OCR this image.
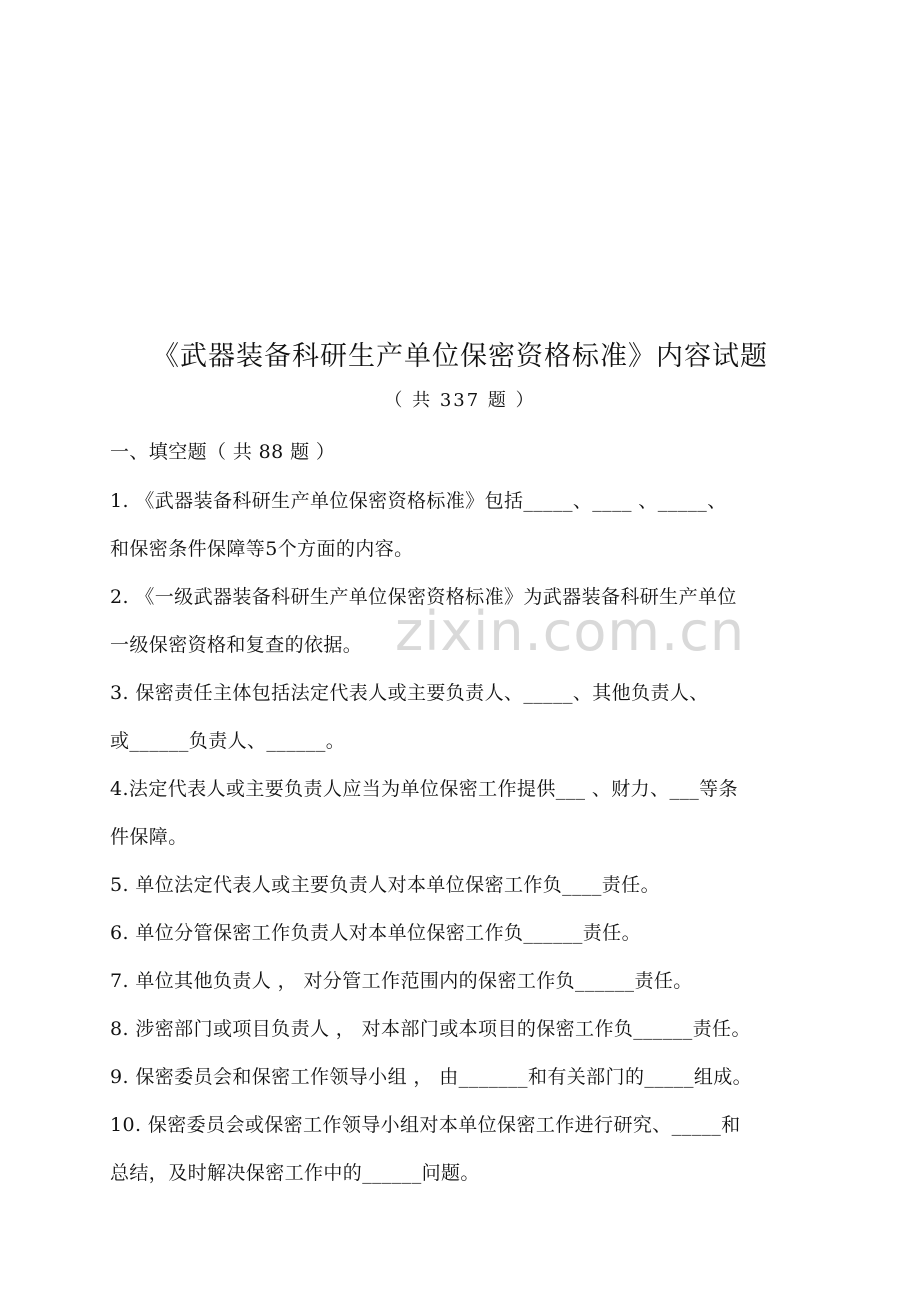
zixin.com.cn
《武器装备科研生产单位保密资格标准》内容试题
（ 共 337 题 ）
一、填空题（ 共 88 题 ）
1. 《武器装备科研生产单位保密资格标准》包括_____、____ 、_____、
和保密条件保障等5个方面的内容。
2. 《一级武器装备科研生产单位保密资格标准》为武器装备科研生产单位
一级保密资格和复查的依据。
3. 保密责任主体包括法定代表人或主要负责人、_____、其他负责人、
或______负责人、______。
4.法定代表人或主要负责人应当为单位保密工作提供___ 、财力、___等条
件保障。
5. 单位法定代表人或主要负责人对本单位保密工作负____责任。
6. 单位分管保密工作负责人对本单位保密工作负______责任。
7. 单位其他负责人 ， 对分管工作范围内的保密工作负______责任。
8. 涉密部门或项目负责人 ， 对本部门或本项目的保密工作负______责任。
9. 保密委员会和保密工作领导小组 ， 由_______和有关部门的_____组成。
10. 保密委员会或保密工作领导小组对本单位保密工作进行研究、_____和
总结，及时解决保密工作中的______问题。
